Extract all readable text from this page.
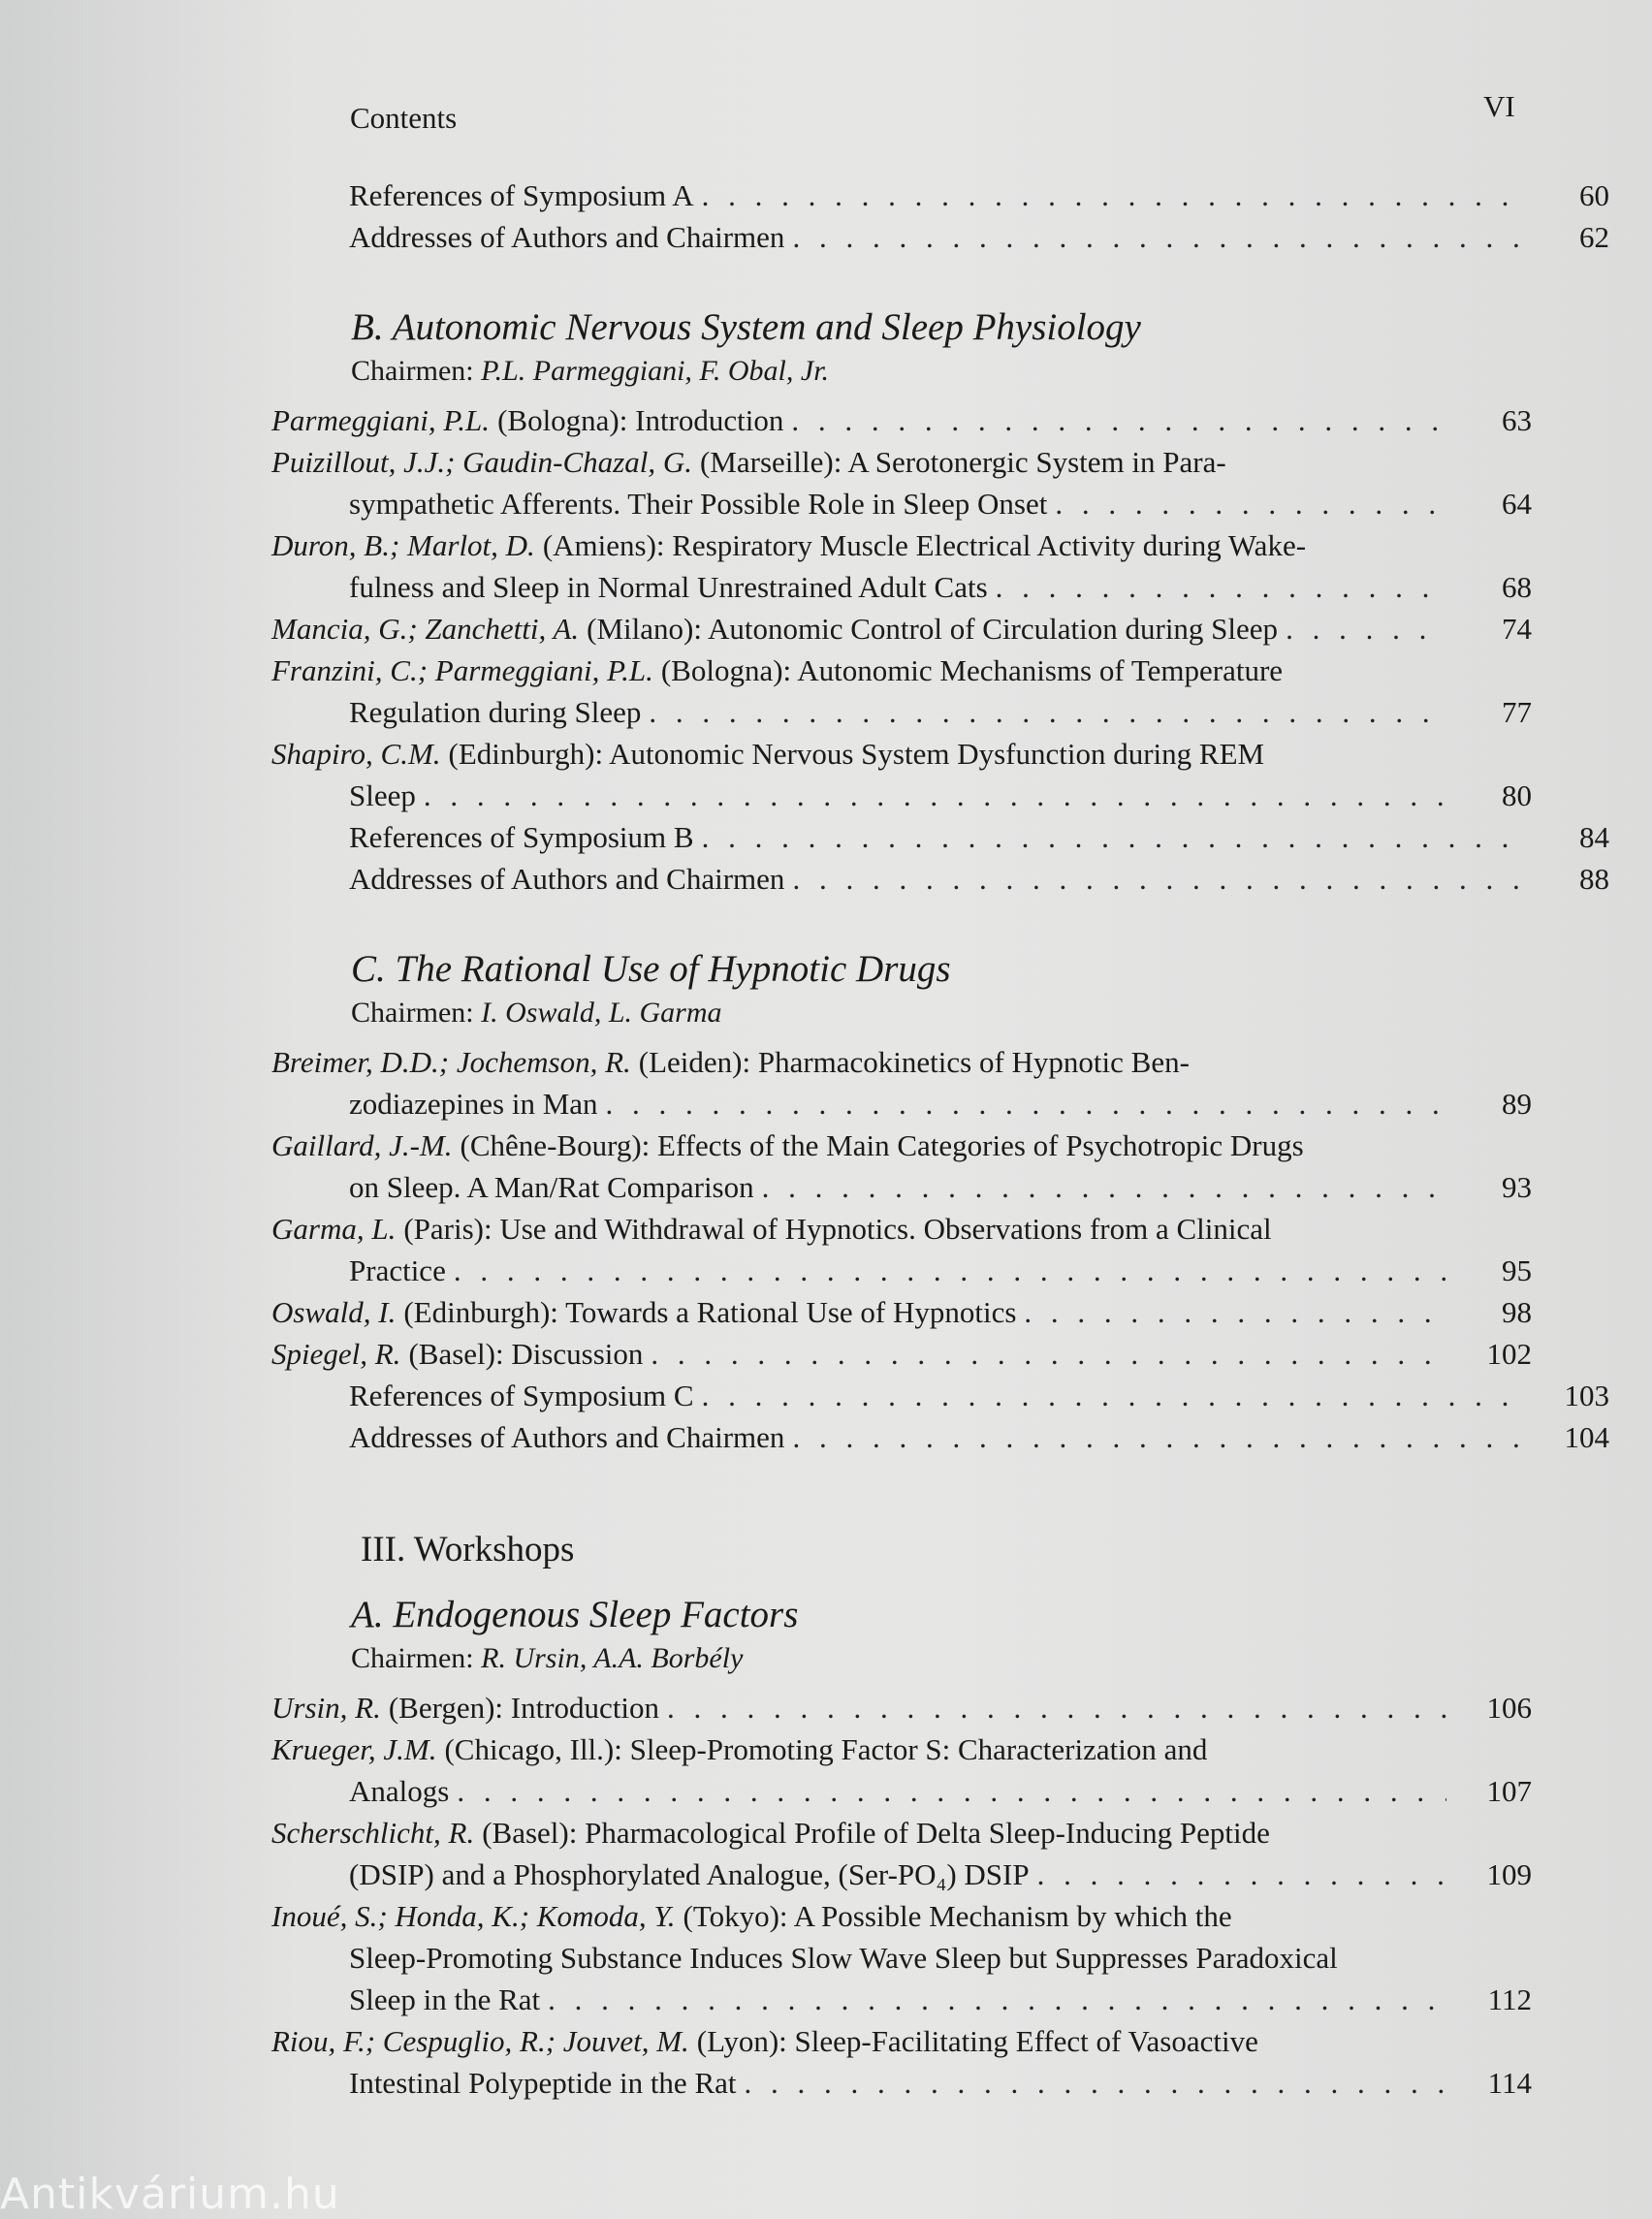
Contents	VI
References of Symposium A . . .	60
Addresses of Authors and Chairmen . . .	62
B. Autonomic Nervous System and Sleep Physiology
Chairmen: P.L. Parmeggiani, F. Obal, Jr.
Parmeggiani, P.L. (Bologna): Introduction . . .	63
Puizillout, J.J.; Gaudin-Chazal, G. (Marseille): A Serotonergic System in Para-
sympathetic Afferents. Their Possible Role in Sleep Onset . . .	64
Duron, B.; Marlot, D. (Amiens): Respiratory Muscle Electrical Activity during Wake-
fulness and Sleep in Normal Unrestrained Adult Cats . . .	68
Mancia, G.; Zanchetti, A. (Milano): Autonomic Control of Circulation during Sleep . . .	74
Franzini, C.; Parmeggiani, P.L. (Bologna): Autonomic Mechanisms of Temperature
Regulation during Sleep . . .	77
Shapiro, C.M. (Edinburgh): Autonomic Nervous System Dysfunction during REM
Sleep . . .	80
References of Symposium B . . .	84
Addresses of Authors and Chairmen . . .	88
C. The Rational Use of Hypnotic Drugs
Chairmen: I. Oswald, L. Garma
Breimer, D.D.; Jochemson, R. (Leiden): Pharmacokinetics of Hypnotic Ben-
zodiazepines in Man . . .	89
Gaillard, J.-M. (Chêne-Bourg): Effects of the Main Categories of Psychotropic Drugs
on Sleep. A Man/Rat Comparison . . .	93
Garma, L. (Paris): Use and Withdrawal of Hypnotics. Observations from a Clinical
Practice . . .	95
Oswald, I. (Edinburgh): Towards a Rational Use of Hypnotics . . .	98
Spiegel, R. (Basel): Discussion . . .	102
References of Symposium C . . .	103
Addresses of Authors and Chairmen . . .	104
III. Workshops
A. Endogenous Sleep Factors
Chairmen: R. Ursin, A.A. Borbély
Ursin, R. (Bergen): Introduction . . .	106
Krueger, J.M. (Chicago, Ill.): Sleep-Promoting Factor S: Characterization and
Analogs . . .	107
Scherschlicht, R. (Basel): Pharmacological Profile of Delta Sleep-Inducing Peptide
(DSIP) and a Phosphorylated Analogue, (Ser-PO₄) DSIP . . .	109
Inoué, S.; Honda, K.; Komoda, Y. (Tokyo): A Possible Mechanism by which the
Sleep-Promoting Substance Induces Slow Wave Sleep but Suppresses Paradoxical
Sleep in the Rat . . .	112
Riou, F.; Cespuglio, R.; Jouvet, M. (Lyon): Sleep-Facilitating Effect of Vasoactive
Intestinal Polypeptide in the Rat . . .	114
Antikvárium.hu
